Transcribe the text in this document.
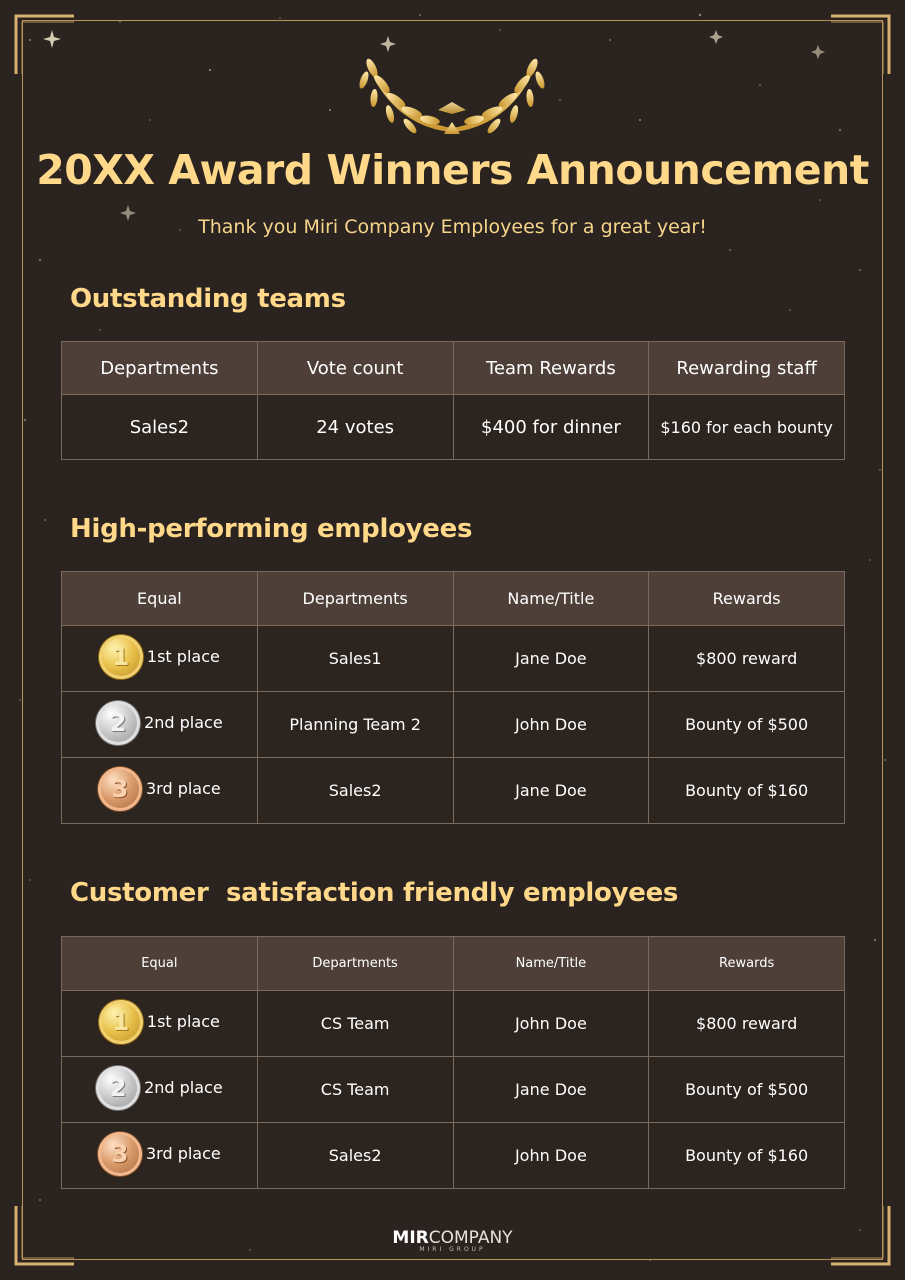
20XX Award Winners Announcement
Thank you Miri Company Employees for a great year!
Outstanding teams
Departments	Vote count	Team Rewards	Rewarding staff
Sales2	24 votes	$400 for dinner	$160 for each bounty
High-performing employees
Equal	Departments	Name/Title	Rewards

1 1st place	Sales1	Jane Doe	$800 reward

2 2nd place	Planning Team 2	John Doe	Bounty of $500

3 3rd place	Sales2	Jane Doe	Bounty of $160
Customer  satisfaction friendly employees
Equal	Departments	Name/Title	Rewards

1 1st place	CS Team	John Doe	$800 reward

2 2nd place	CS Team	Jane Doe	Bounty of $500

3 3rd place	Sales2	John Doe	Bounty of $160
MIRCOMPANY
MIRI GROUP
